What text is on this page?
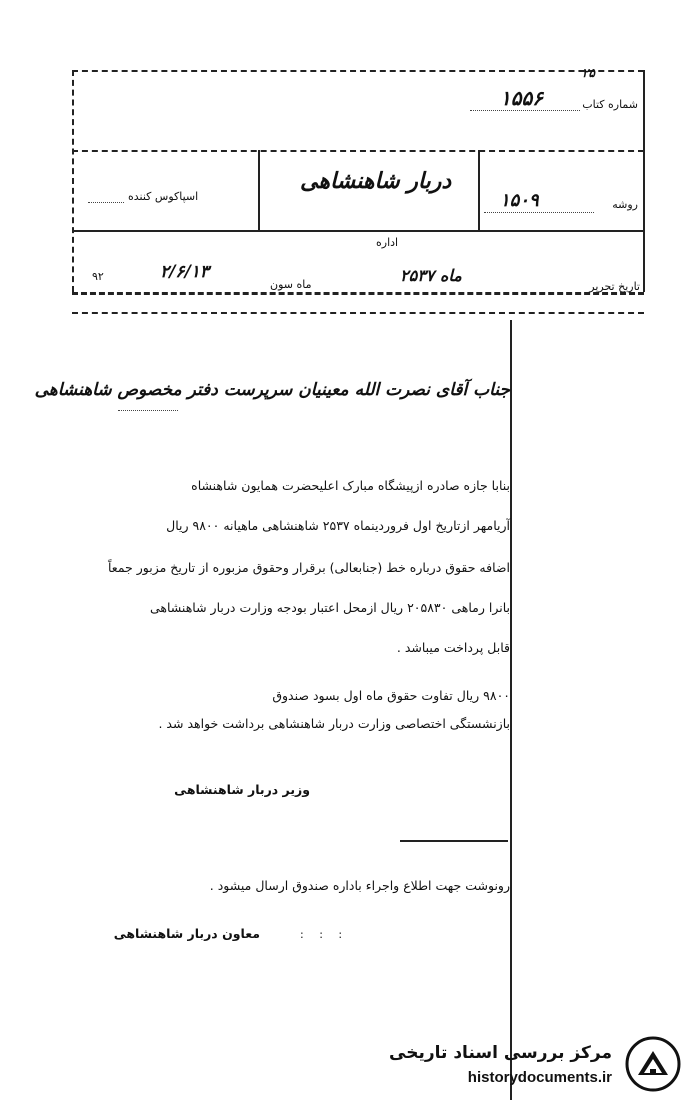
شماره کتاب
۱۵۵۶
۲۵
دربار شاهنشاهی
اسپاکوس کننده
روشه
۱۵۰۹
اداره
تاریخ تحریر
۲۵۳۷ ماه
ماه سون
۲/۶/۱۳
۹۲
جناب آقای نصرت الله معینیان سرپرست دفتر مخصوص شاهنشاهی
بنابا جازه صادره ازپیشگاه مبارک اعلیحضرت همایون شاهنشاه
آریامهر ازتاریخ اول فروردینماه ۲۵۳۷ شاهنشاهی ماهیانه ۹۸۰۰ ریال
اضافه حقوق درباره خط (جنابعالی) برقرار وحقوق مزبوره از تاریخ مزبور جمعاً
بانرا رماهی ۲۰۵۸۳۰ ریال ازمحل اعتبار بودجه وزارت دربار شاهنشاهی
قابل پرداخت میباشد .
۹۸۰۰ ریال تفاوت حقوق ماه اول بسود صندوق
بازنشستگی اختصاصی وزارت دربار شاهنشاهی برداشت خواهد شد .
وزیر دربار شاهنشاهی
رونوشت جهت اطلاع واجراء باداره صندوق ارسال میشود .
معاون دربار شاهنشاهی	: : :
مرکز بررسی اسناد تاریخی
historydocuments.ir
